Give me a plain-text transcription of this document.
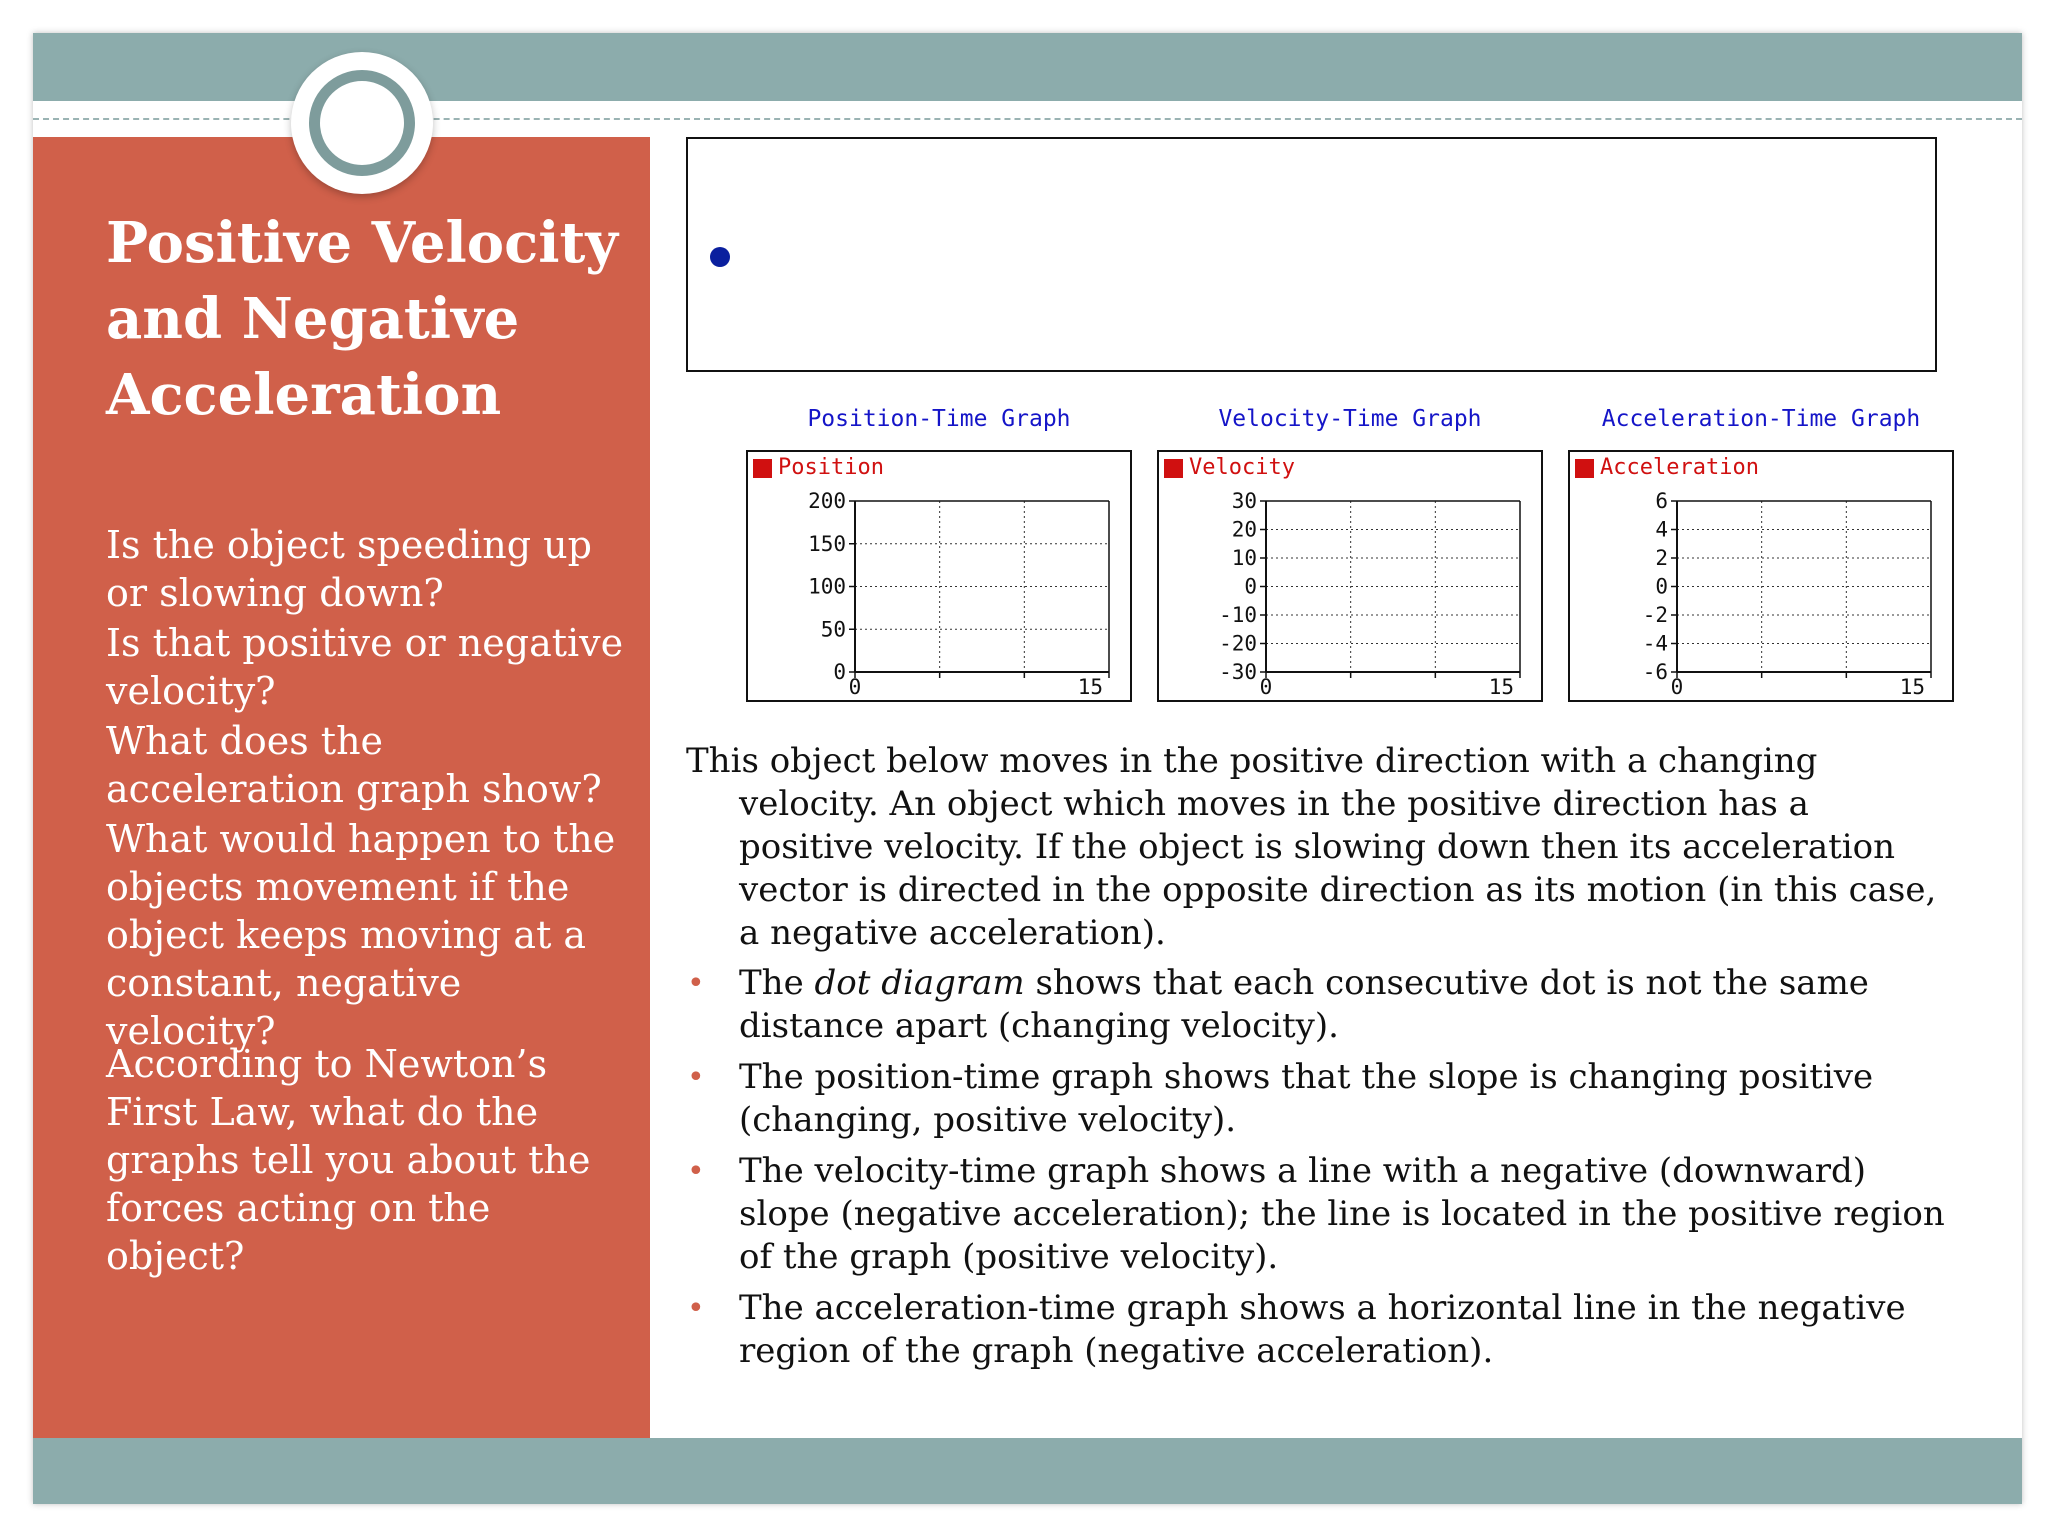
Positive Velocity and Negative Acceleration

Is the object speeding up or slowing down?

Is that positive or negative velocity?

What does the acceleration graph show?

What would happen to the objects movement if the object keeps moving at a constant, negative velocity?

According to Newton’s First Law, what do the graphs tell you about the forces acting on the object?

Position-Time Graph	Velocity-Time Graph	Acceleration-Time Graph
Position
200
150
100
50
0
0	15
Velocity
30
20
10
0
-10
-20
-30
0	15
Acceleration
6
4
2
0
-2
-4
-6
0	15

This object below moves in the positive direction with a changing velocity. An object which moves in the positive direction has a positive velocity. If the object is slowing down then its acceleration vector is directed in the opposite direction as its motion (in this case, a negative acceleration).

• The dot diagram shows that each consecutive dot is not the same distance apart (changing velocity).
• The position-time graph shows that the slope is changing positive (changing, positive velocity).
• The velocity-time graph shows a line with a negative (downward) slope (negative acceleration); the line is located in the positive region of the graph (positive velocity).
• The acceleration-time graph shows a horizontal line in the negative region of the graph (negative acceleration).
